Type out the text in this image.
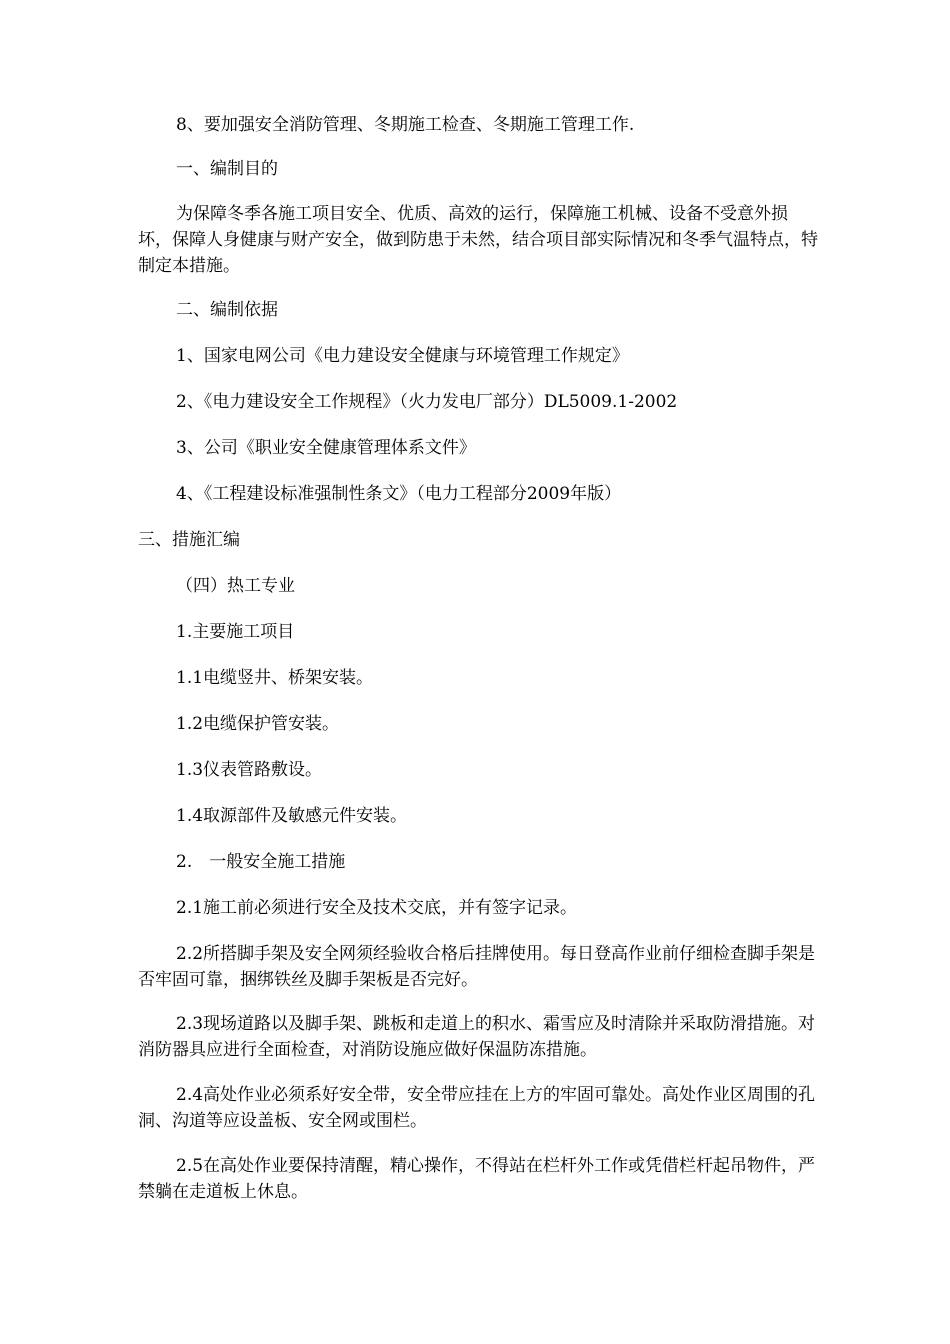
8、要加强安全消防管理、冬期施工检查、冬期施工管理工作.

一、编制目的

为保障冬季各施工项目安全、优质、高效的运行，保障施工机械、设备不受意外损坏，保障人身健康与财产安全，做到防患于未然，结合项目部实际情况和冬季气温特点，特制定本措施。

二、编制依据

1、国家电网公司《电力建设安全健康与环境管理工作规定》

2、《电力建设安全工作规程》（火力发电厂部分）DL5009.1-2002

3、公司《职业安全健康管理体系文件》

4、《工程建设标准强制性条文》（电力工程部分2009年版）

三、措施汇编

（四）热工专业

1.主要施工项目

1.1电缆竖井、桥架安装。

1.2电缆保护管安装。

1.3仪表管路敷设。

1.4取源部件及敏感元件安装。

2.　一般安全施工措施

2.1施工前必须进行安全及技术交底，并有签字记录。

2.2所搭脚手架及安全网须经验收合格后挂牌使用。每日登高作业前仔细检查脚手架是否牢固可靠，捆绑铁丝及脚手架板是否完好。

2.3现场道路以及脚手架、跳板和走道上的积水、霜雪应及时清除并采取防滑措施。对消防器具应进行全面检查，对消防设施应做好保温防冻措施。

2.4高处作业必须系好安全带，安全带应挂在上方的牢固可靠处。高处作业区周围的孔洞、沟道等应设盖板、安全网或围栏。

2.5在高处作业要保持清醒，精心操作，不得站在栏杆外工作或凭借栏杆起吊物件，严禁躺在走道板上休息。
